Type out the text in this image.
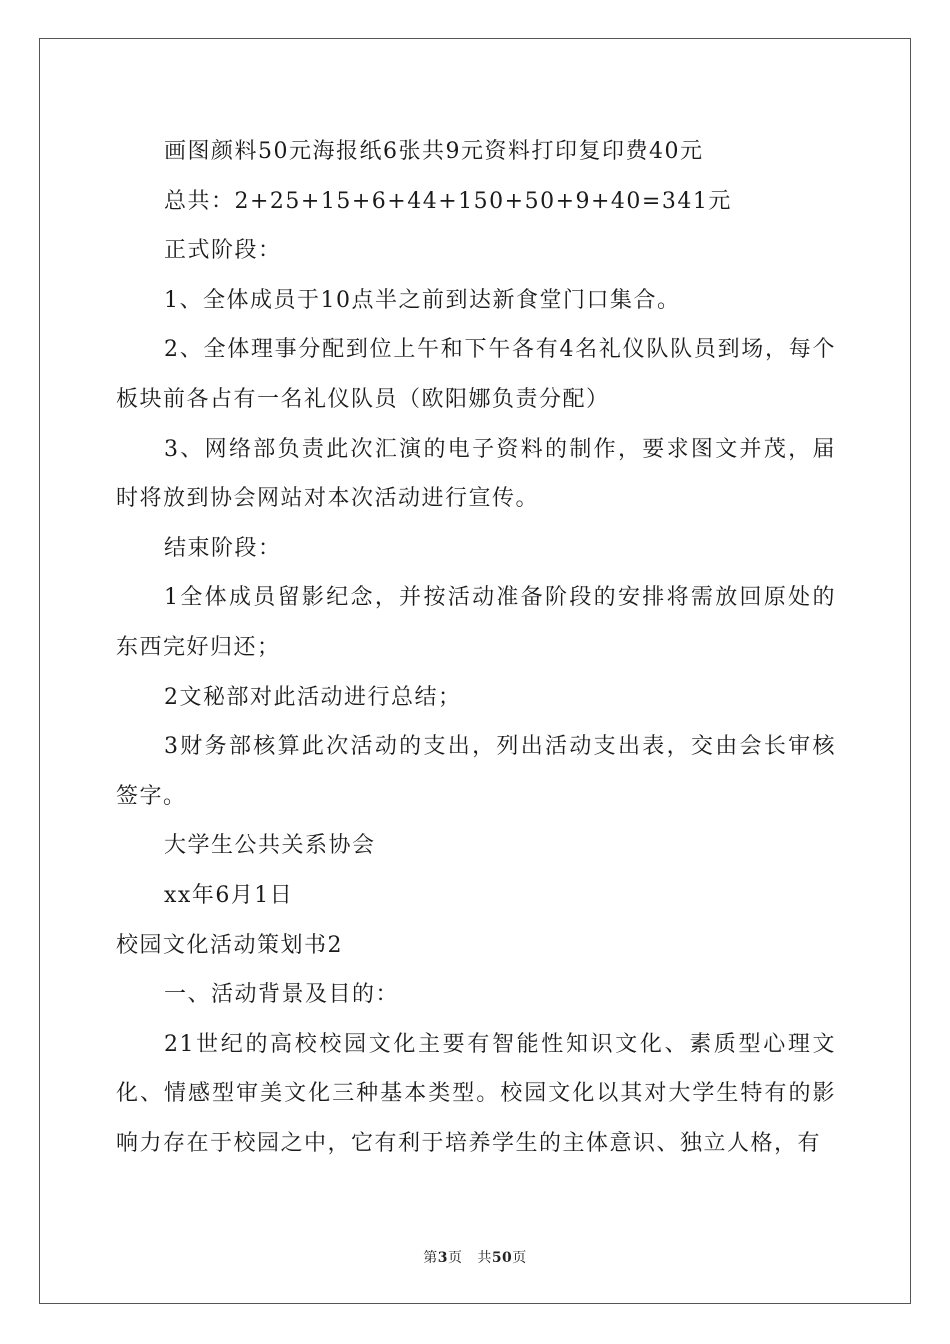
画图颜料50元海报纸6张共9元资料打印复印费40元

总共：2+25+15+6+44+150+50+9+40=341元

正式阶段：

1、全体成员于10点半之前到达新食堂门口集合。

2、全体理事分配到位上午和下午各有4名礼仪队队员到场，每个板块前各占有一名礼仪队员（欧阳娜负责分配）

3、网络部负责此次汇演的电子资料的制作，要求图文并茂，届时将放到协会网站对本次活动进行宣传。

结束阶段：

1全体成员留影纪念，并按活动准备阶段的安排将需放回原处的东西完好归还；

2文秘部对此活动进行总结；

3财务部核算此次活动的支出，列出活动支出表，交由会长审核签字。

大学生公共关系协会

xx年6月1日

校园文化活动策划书2

一、活动背景及目的：

21世纪的高校校园文化主要有智能性知识文化、素质型心理文化、情感型审美文化三种基本类型。校园文化以其对大学生特有的影响力存在于校园之中，它有利于培养学生的主体意识、独立人格，有

第3页 共50页
